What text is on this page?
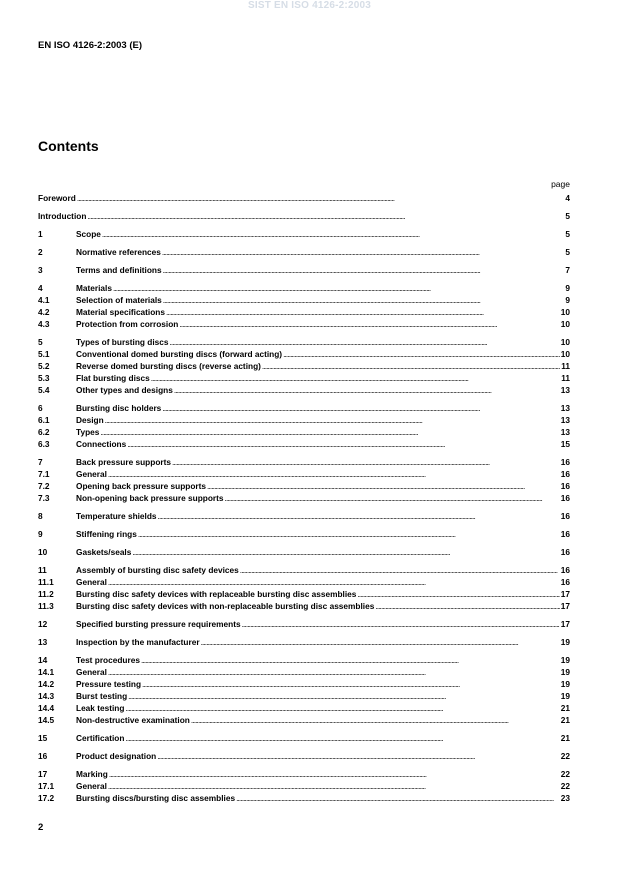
SIST EN ISO 4126-2:2003
EN ISO 4126-2:2003 (E)
Contents
page
Foreword . . .	4
Introduction . . .	5
1	Scope . . .	5
2	Normative references . . .	5
3	Terms and definitions . . .	7
4	Materials . . .	9
4.1	Selection of materials . . .	9
4.2	Material specifications . . .	10
4.3	Protection from corrosion . . .	10
5	Types of bursting discs . . .	10
5.1	Conventional domed bursting discs (forward acting) . . .	10
5.2	Reverse domed bursting discs (reverse acting) . . .	11
5.3	Flat bursting discs . . .	11
5.4	Other types and designs . . .	13
6	Bursting disc holders . . .	13
6.1	Design . . .	13
6.2	Types . . .	13
6.3	Connections . . .	15
7	Back pressure supports . . .	16
7.1	General . . .	16
7.2	Opening back pressure supports . . .	16
7.3	Non-opening back pressure supports . . .	16
8	Temperature shields . . .	16
9	Stiffening rings . . .	16
10	Gaskets/seals . . .	16
11	Assembly of bursting disc safety devices . . .	16
11.1	General . . .	16
11.2	Bursting disc safety devices with replaceable bursting disc assemblies . . .	17
11.3	Bursting disc safety devices with non-replaceable bursting disc assemblies . . .	17
12	Specified bursting pressure requirements . . .	17
13	Inspection by the manufacturer . . .	19
14	Test procedures . . .	19
14.1	General . . .	19
14.2	Pressure testing . . .	19
14.3	Burst testing . . .	19
14.4	Leak testing . . .	21
14.5	Non-destructive examination . . .	21
15	Certification . . .	21
16	Product designation . . .	22
17	Marking . . .	22
17.1	General . . .	22
17.2	Bursting discs/bursting disc assemblies . . .	23
2
